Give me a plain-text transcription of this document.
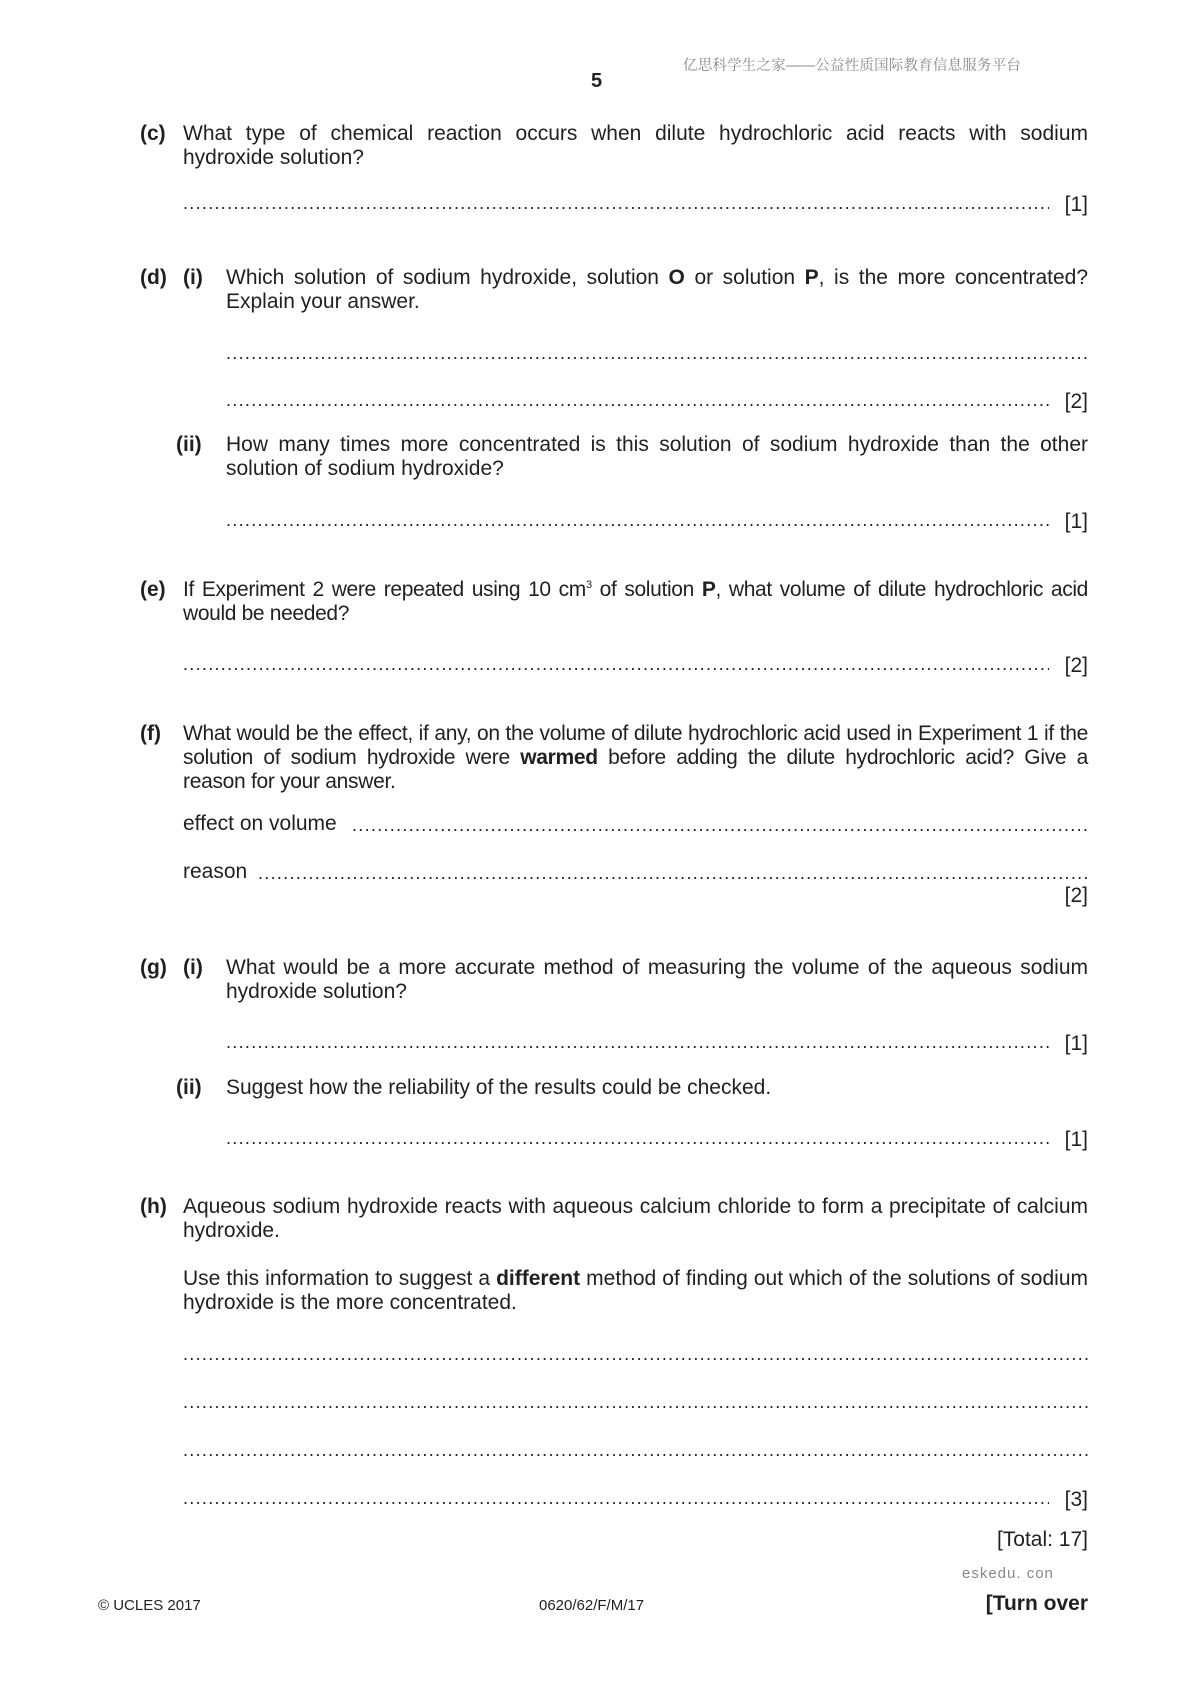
亿思科学生之家——公益性质国际教育信息服务平台
5
(c) What type of chemical reaction occurs when dilute hydrochloric acid reacts with sodium hydroxide solution?
.....
[1]
(d) (i) Which solution of sodium hydroxide, solution O or solution P, is the more concentrated? Explain your answer.
.....
.....
[2]
(ii) How many times more concentrated is this solution of sodium hydroxide than the other solution of sodium hydroxide?
.....
[1]
(e) If Experiment 2 were repeated using 10 $cm^3$ of solution P, what volume of dilute hydrochloric acid would be needed?
.....
[2]
(f) What would be the effect, if any, on the volume of dilute hydrochloric acid used in Experiment 1 if the solution of sodium hydroxide were warmed before adding the dilute hydrochloric acid? Give a reason for your answer.
effect on volume
.....
reason
.....
[2]
(g) (i) What would be a more accurate method of measuring the volume of the aqueous sodium hydroxide solution?
.....
[1]
(ii) Suggest how the reliability of the results could be checked.
.....
[1]
(h) Aqueous sodium hydroxide reacts with aqueous calcium chloride to form a precipitate of calcium hydroxide.
Use this information to suggest a different method of finding out which of the solutions of sodium hydroxide is the more concentrated.
.....
.....
.....
.....
[3]
[Total: 17]
eskedu. con
© UCLES 2017	0620/62/F/M/17	[Turn over
